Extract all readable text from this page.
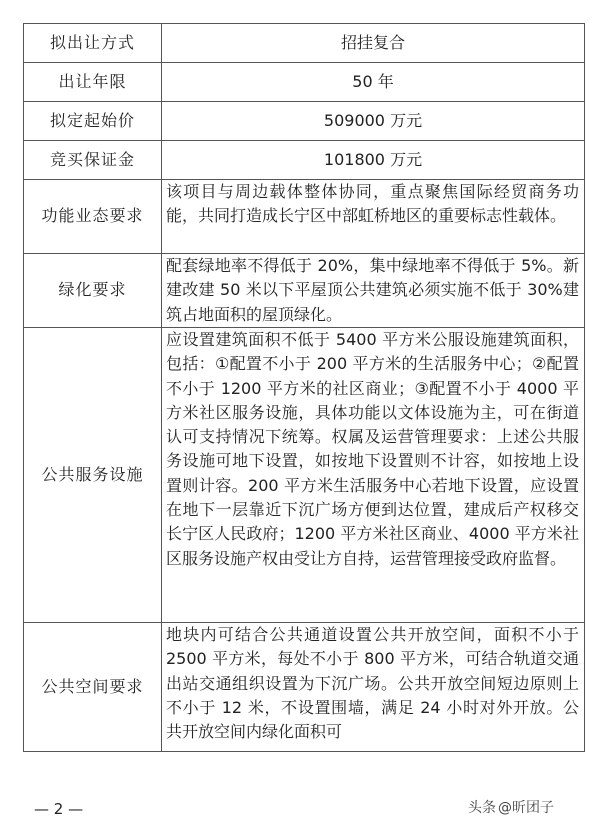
拟出让方式	招挂复合
出让年限	50 年
拟定起始价	509000 万元
竞买保证金	101800 万元
功能业态要求	该项目与周边载体整体协同，重点聚焦国际经贸商务功能，共同打造成长宁区中部虹桥地区的重要标志性载体。
绿化要求	配套绿地率不得低于 20%，集中绿地率不得低于 5%。新建改建 50 米以下平屋顶公共建筑必须实施不低于 30%建筑占地面积的屋顶绿化。
公共服务设施	应设置建筑面积不低于 5400 平方米公服设施建筑面积，包括：①配置不小于 200 平方米的生活服务中心；②配置不小于 1200 平方米的社区商业；③配置不小于 4000 平方米社区服务设施，具体功能以文体设施为主，可在街道认可支持情况下统筹。权属及运营管理要求：上述公共服务设施可地下设置，如按地下设置则不计容，如按地上设置则计容。200 平方米生活服务中心若地下设置，应设置在地下一层靠近下沉广场方便到达位置，建成后产权移交长宁区人民政府；1200 平方米社区商业、4000 平方米社区服务设施产权由受让方自持，运营管理接受政府监督。
公共空间要求	地块内可结合公共通道设置公共开放空间，面积不小于 2500 平方米，每处不小于 800 平方米，可结合轨道交通出站交通组织设置为下沉广场。公共开放空间短边原则上不小于 12 米，不设置围墙，满足 24 小时对外开放。公共开放空间内绿化面积可
— 2 —	头条 @昕团子
